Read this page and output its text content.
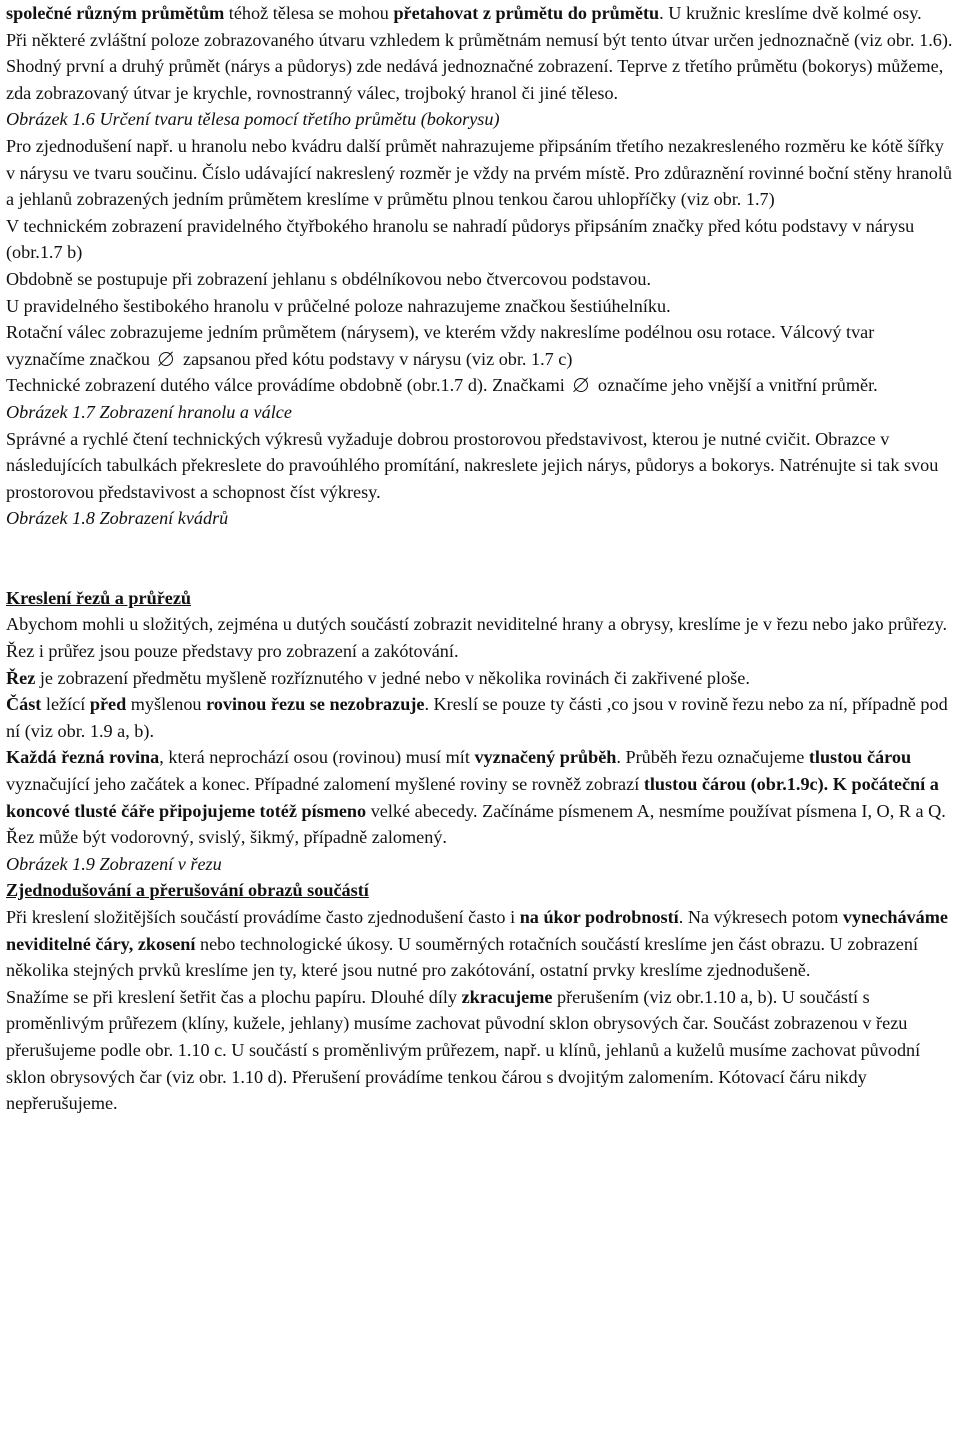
společné různým průmětům téhož tělesa se mohou přetahovat z průmětu do průmětu. U kružnic kreslíme dvě kolmé osy.

Při některé zvláštní poloze zobrazovaného útvaru vzhledem k průmětnám nemusí být tento útvar určen jednoznačně (viz obr. 1.6). Shodný první a druhý průmět (nárys a půdorys) zde nedává jednoznačné zobrazení. Teprve z třetího průmětu (bokorys) můžeme, zda zobrazovaný útvar je krychle, rovnostranný válec, trojboký hranol či jiné těleso.

Obrázek 1.6 Určení tvaru tělesa pomocí třetího průmětu (bokorysu)

Pro zjednodušení např. u hranolu nebo kvádru další průmět nahrazujeme připsáním třetího nezakresleného rozměru ke kótě šířky v nárysu ve tvaru součinu. Číslo udávající nakreslený rozměr je vždy na prvém místě. Pro zdůraznění rovinné boční stěny hranolů a jehlanů zobrazených jedním průmětem kreslíme v průmětu plnou tenkou čarou uhlopříčky (viz obr. 1.7)

V technickém zobrazení pravidelného čtyřbokého hranolu se nahradí půdorys připsáním značky před kótu podstavy v nárysu (obr.1.7 b)

Obdobně se postupuje při zobrazení jehlanu s obdélníkovou nebo čtvercovou podstavou.

U pravidelného šestibokého hranolu v průčelné poloze nahrazujeme značkou šestiúhelníku.

Rotační válec zobrazujeme jedním průmětem (nárysem), ve kterém vždy nakreslíme podélnou osu rotace. Válcový tvar vyznačíme značkou zapsanou před kótu podstavy v nárysu (viz obr. 1.7 c)

Technické zobrazení dutého válce provádíme obdobně (obr.1.7 d). Značkami označíme jeho vnější a vnitřní průměr.

Obrázek 1.7 Zobrazení hranolu a válce

Správné a rychlé čtení technických výkresů vyžaduje dobrou prostorovou představivost, kterou je nutné cvičit. Obrazce v následujících tabulkách překreslete do pravoúhlého promítání, nakreslete jejich nárys, půdorys a bokorys. Natrénujte si tak svou prostorovou představivost a schopnost číst výkresy.

Obrázek 1.8 Zobrazení kvádrů

Kreslení řezů a průřezů

Abychom mohli u složitých, zejména u dutých součástí zobrazit neviditelné hrany a obrysy, kreslíme je v řezu nebo jako průřezy. Řez i průřez jsou pouze představy pro zobrazení a zakótování.

Řez je zobrazení předmětu myšleně rozříznutého v jedné nebo v několika rovinách či zakřivené ploše.

Část ležící před myšlenou rovinou řezu se nezobrazuje. Kreslí se pouze ty části ,co jsou v rovině řezu nebo za ní, případně pod ní (viz obr. 1.9 a, b).

Každá řezná rovina, která neprochází osou (rovinou) musí mít vyznačený průběh. Průběh řezu označujeme tlustou čárou vyznačující jeho začátek a konec. Případné zalomení myšlené roviny se rovněž zobrazí tlustou čárou (obr.1.9c). K počáteční a koncové tlusté čáře připojujeme totéž písmeno velké abecedy. Začínáme písmenem A, nesmíme používat písmena I, O, R a Q.

Řez může být vodorovný, svislý, šikmý, případně zalomený.

Obrázek 1.9 Zobrazení v řezu

Zjednodušování a přerušování obrazů součástí

Při kreslení složitějších součástí provádíme často zjednodušení často i na úkor podrobností. Na výkresech potom vynecháváme neviditelné čáry, zkosení nebo technologické úkosy. U souměrných rotačních součástí kreslíme jen část obrazu. U zobrazení několika stejných prvků kreslíme jen ty, které jsou nutné pro zakótování, ostatní prvky kreslíme zjednodušeně.

Snažíme se při kreslení šetřit čas a plochu papíru. Dlouhé díly zkracujeme přerušením (viz obr.1.10 a, b). U součástí s proměnlivým průřezem (klíny, kužele, jehlany) musíme zachovat původní sklon obrysových čar. Součást zobrazenou v řezu přerušujeme podle obr. 1.10 c. U součástí s proměnlivým průřezem, např. u klínů, jehlanů a kuželů musíme zachovat původní sklon obrysových čar (viz obr. 1.10 d). Přerušení provádíme tenkou čárou s dvojitým zalomením. Kótovací čáru nikdy nepřerušujeme.
